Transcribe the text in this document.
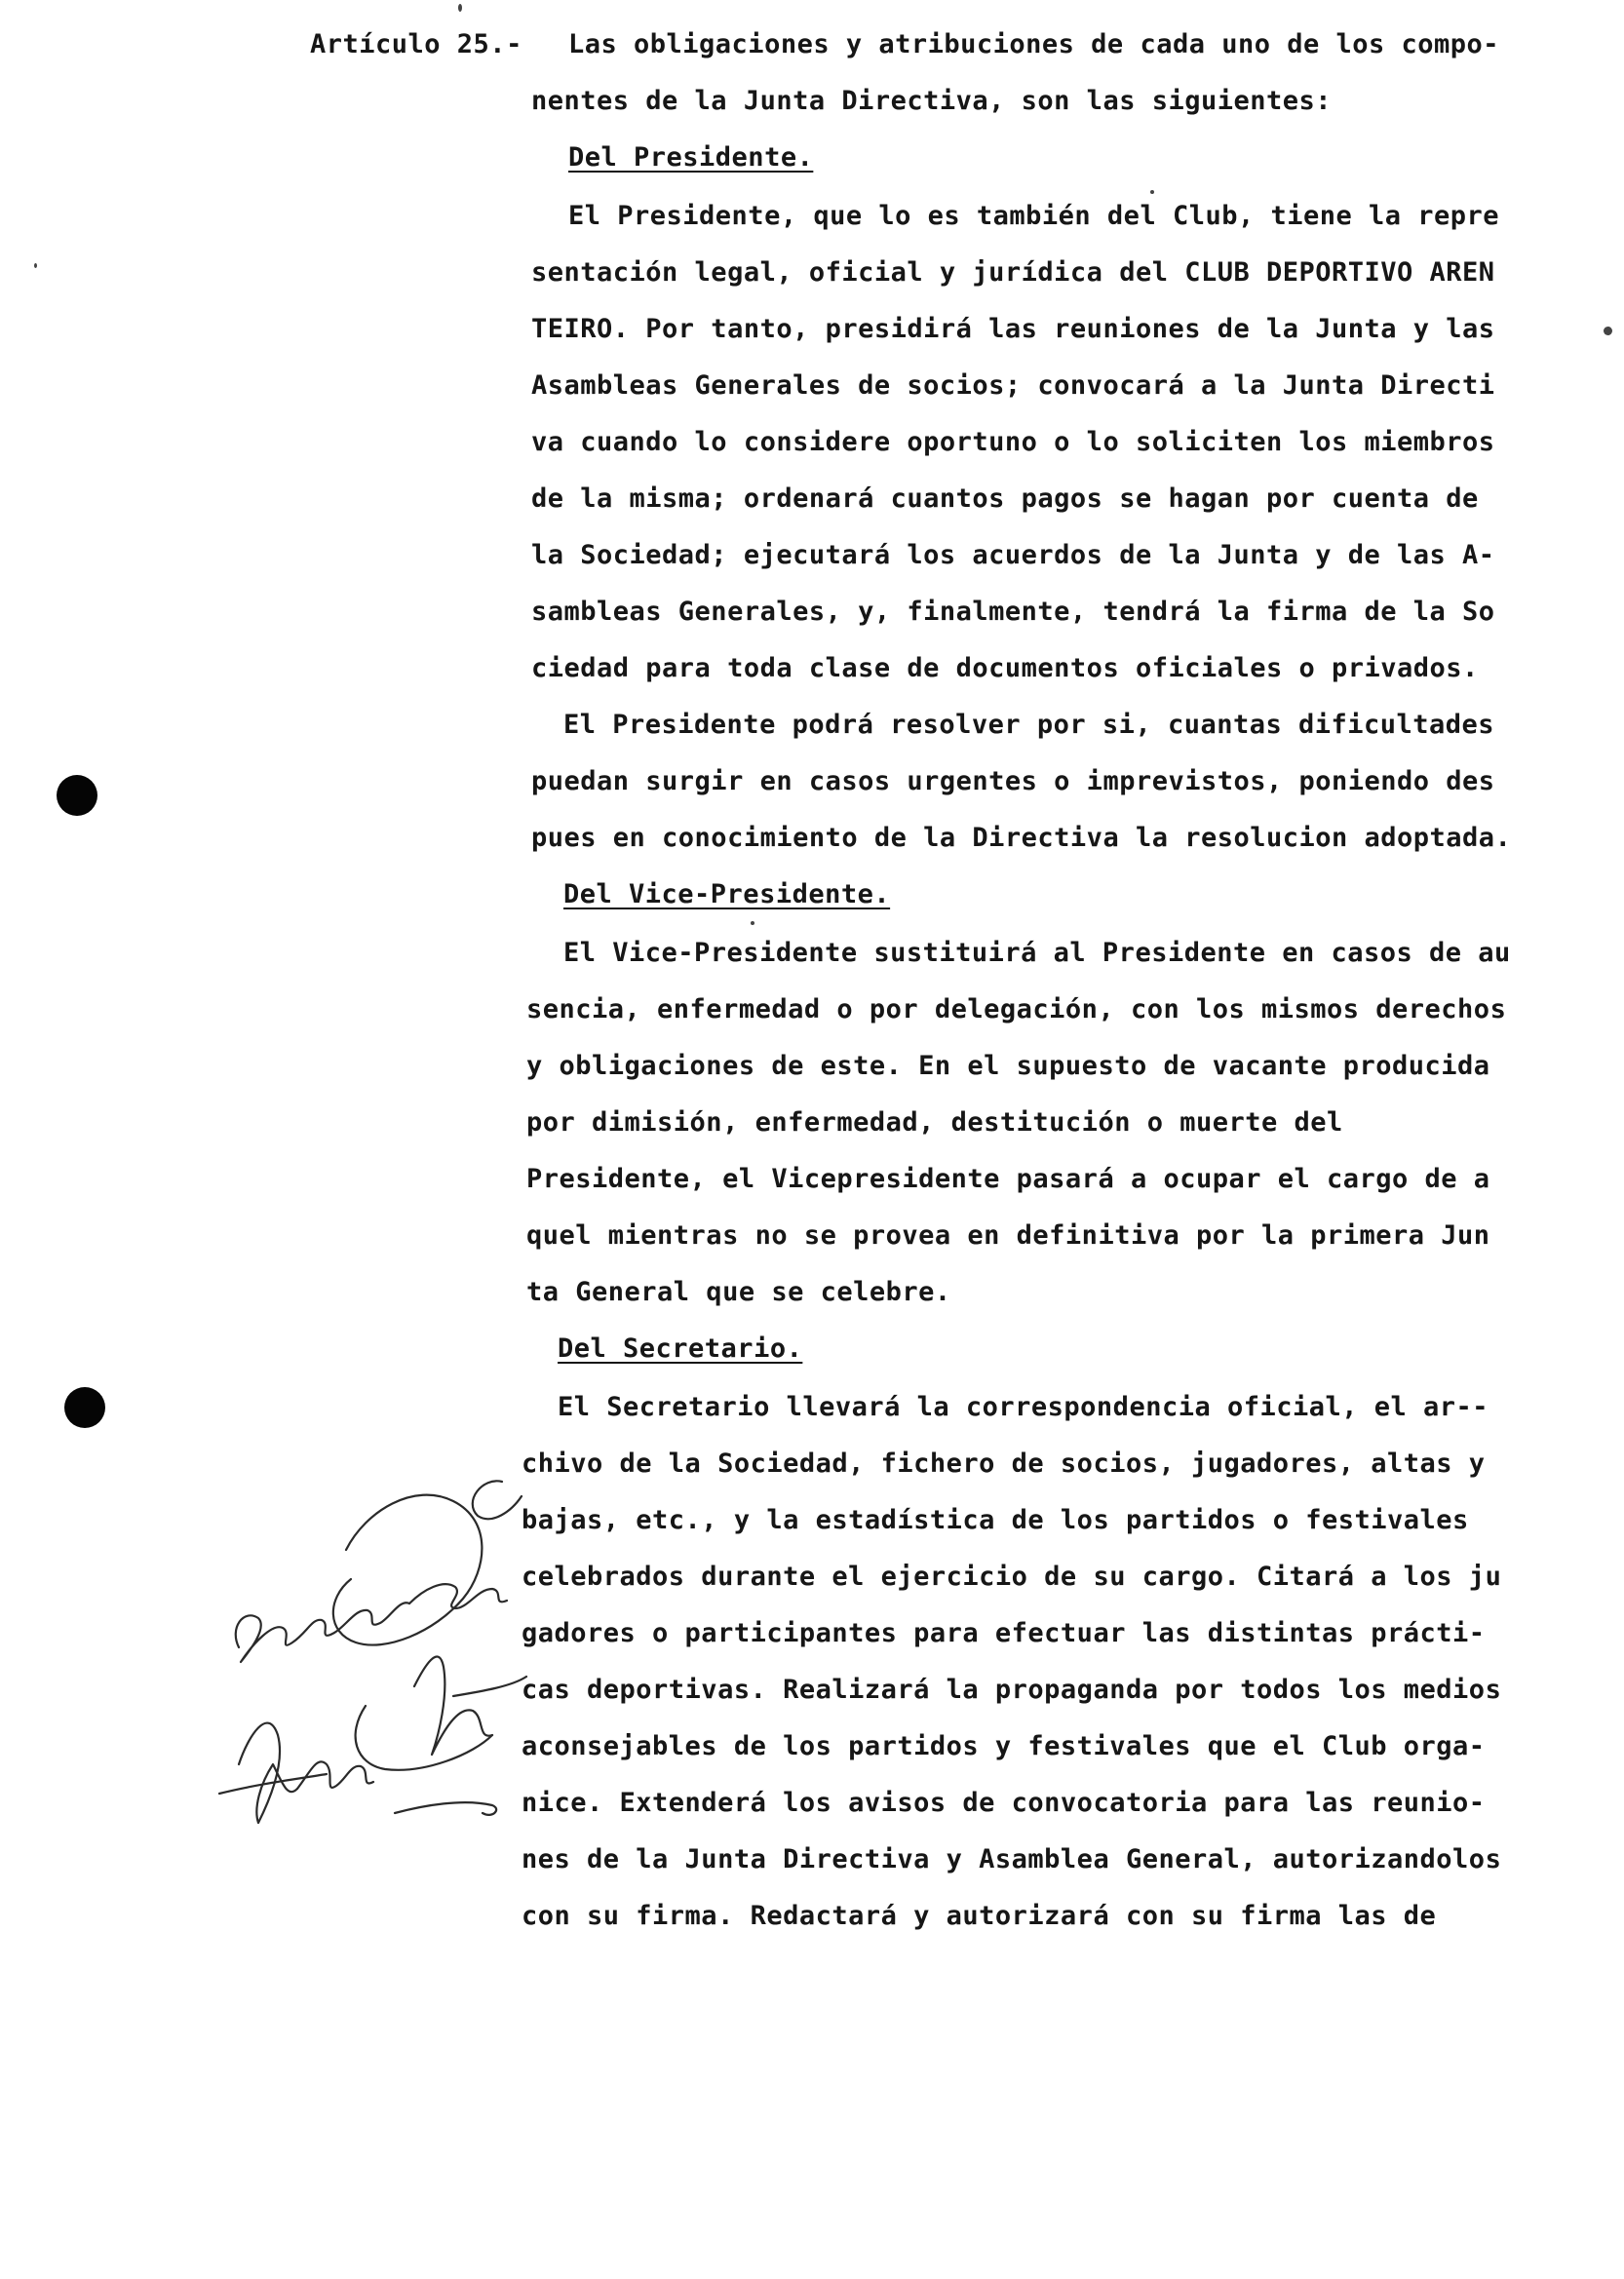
Artículo 25.- Las obligaciones y atribuciones de cada uno de los compo-
nentes de la Junta Directiva, son las siguientes:
Del Presidente.
El Presidente, que lo es también del Club, tiene la repre
sentación legal, oficial y jurídica del CLUB DEPORTIVO AREN
TEIRO. Por tanto, presidirá las reuniones de la Junta y las
Asambleas Generales de socios; convocará a la Junta Directi
va cuando lo considere oportuno o lo soliciten los miembros
de la misma; ordenará cuantos pagos se hagan por cuenta de
la Sociedad; ejecutará los acuerdos de la Junta y de las A-
sambleas Generales, y, finalmente, tendrá la firma de la So
ciedad para toda clase de documentos oficiales o privados.
El Presidente podrá resolver por si, cuantas dificultades
puedan surgir en casos urgentes o imprevistos, poniendo des
pues en conocimiento de la Directiva la resolucion adoptada.
Del Vice-Presidente.
El Vice-Presidente sustituirá al Presidente en casos de au
sencia, enfermedad o por delegación, con los mismos derechos
y obligaciones de este. En el supuesto de vacante producida
por dimisión, enfermedad, destitución o muerte del
Presidente, el Vicepresidente pasará a ocupar el cargo de a
quel mientras no se provea en definitiva por la primera Jun
ta General que se celebre.
Del Secretario.
El Secretario llevará la correspondencia oficial, el ar--
chivo de la Sociedad, fichero de socios, jugadores, altas y
bajas, etc., y la estadística de los partidos o festivales
celebrados durante el ejercicio de su cargo. Citará a los ju
gadores o participantes para efectuar las distintas prácti-
cas deportivas. Realizará la propaganda por todos los medios
aconsejables de los partidos y festivales que el Club orga-
nice. Extenderá los avisos de convocatoria para las reunio-
nes de la Junta Directiva y Asamblea General, autorizandolos
con su firma. Redactará y autorizará con su firma las de
